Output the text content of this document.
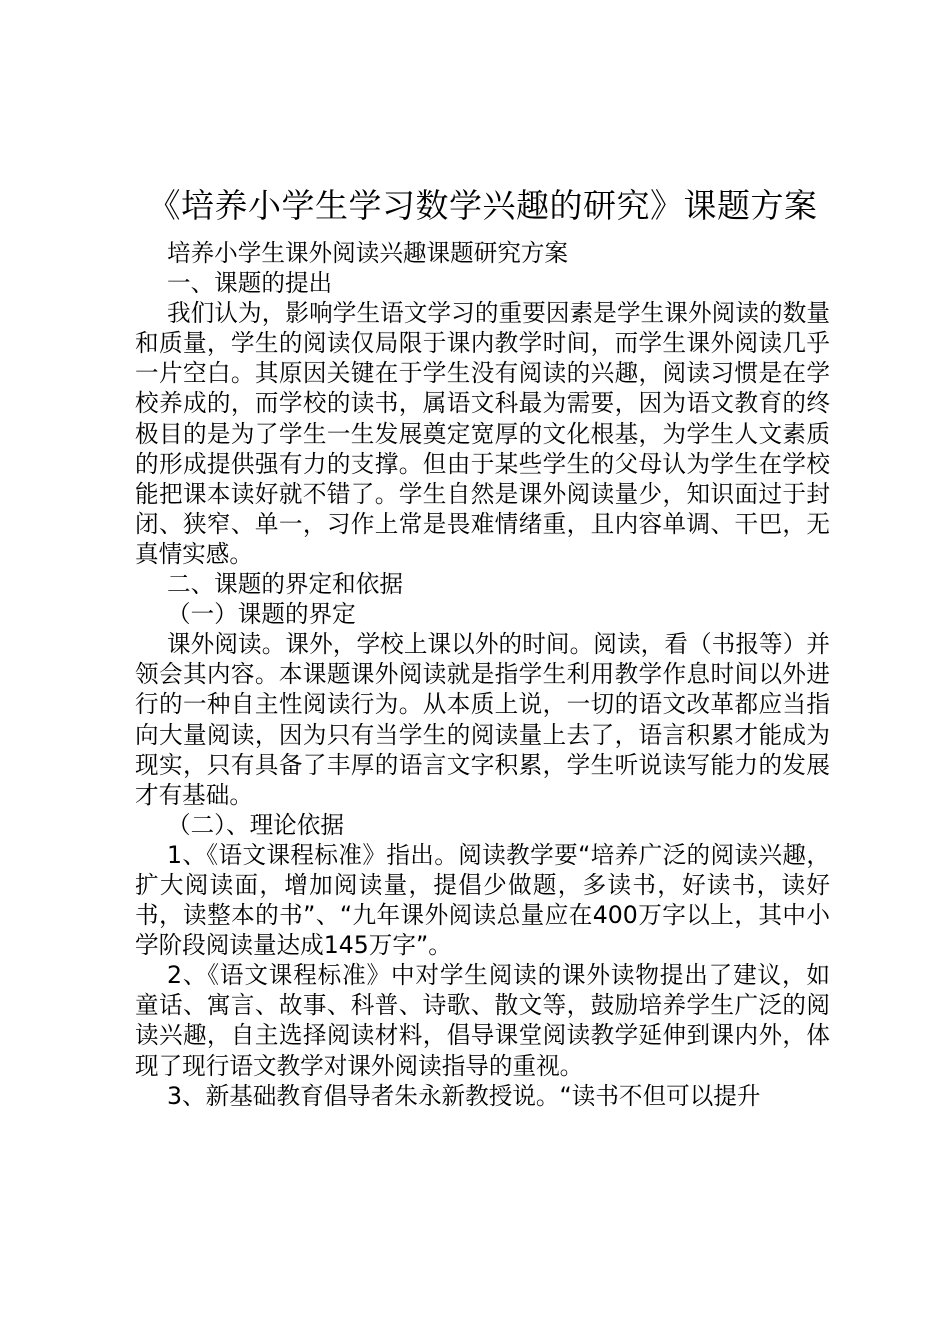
《培养小学生学习数学兴趣的研究》课题方案

培养小学生课外阅读兴趣课题研究方案

一、课题的提出

我们认为，影响学生语文学习的重要因素是学生课外阅读的数量和质量，学生的阅读仅局限于课内教学时间，而学生课外阅读几乎一片空白。其原因关键在于学生没有阅读的兴趣，阅读习惯是在学校养成的，而学校的读书，属语文科最为需要，因为语文教育的终极目的是为了学生一生发展奠定宽厚的文化根基，为学生人文素质的形成提供强有力的支撑。但由于某些学生的父母认为学生在学校能把课本读好就不错了。学生自然是课外阅读量少，知识面过于封闭、狭窄、单一，习作上常是畏难情绪重，且内容单调、干巴，无真情实感。

二、课题的界定和依据

（一）课题的界定

课外阅读。课外，学校上课以外的时间。阅读，看（书报等）并领会其内容。本课题课外阅读就是指学生利用教学作息时间以外进行的一种自主性阅读行为。从本质上说，一切的语文改革都应当指向大量阅读，因为只有当学生的阅读量上去了，语言积累才能成为现实，只有具备了丰厚的语言文字积累，学生听说读写能力的发展才有基础。

（二）、理论依据

1、《语文课程标准》指出。阅读教学要“培养广泛的阅读兴趣，扩大阅读面，增加阅读量，提倡少做题，多读书，好读书，读好书，读整本的书”、“九年课外阅读总量应在400万字以上，其中小学阶段阅读量达成145万字”。

2、《语文课程标准》中对学生阅读的课外读物提出了建议，如童话、寓言、故事、科普、诗歌、散文等，鼓励培养学生广泛的阅读兴趣，自主选择阅读材料，倡导课堂阅读教学延伸到课内外，体现了现行语文教学对课外阅读指导的重视。

3、新基础教育倡导者朱永新教授说。“读书不但可以提升
